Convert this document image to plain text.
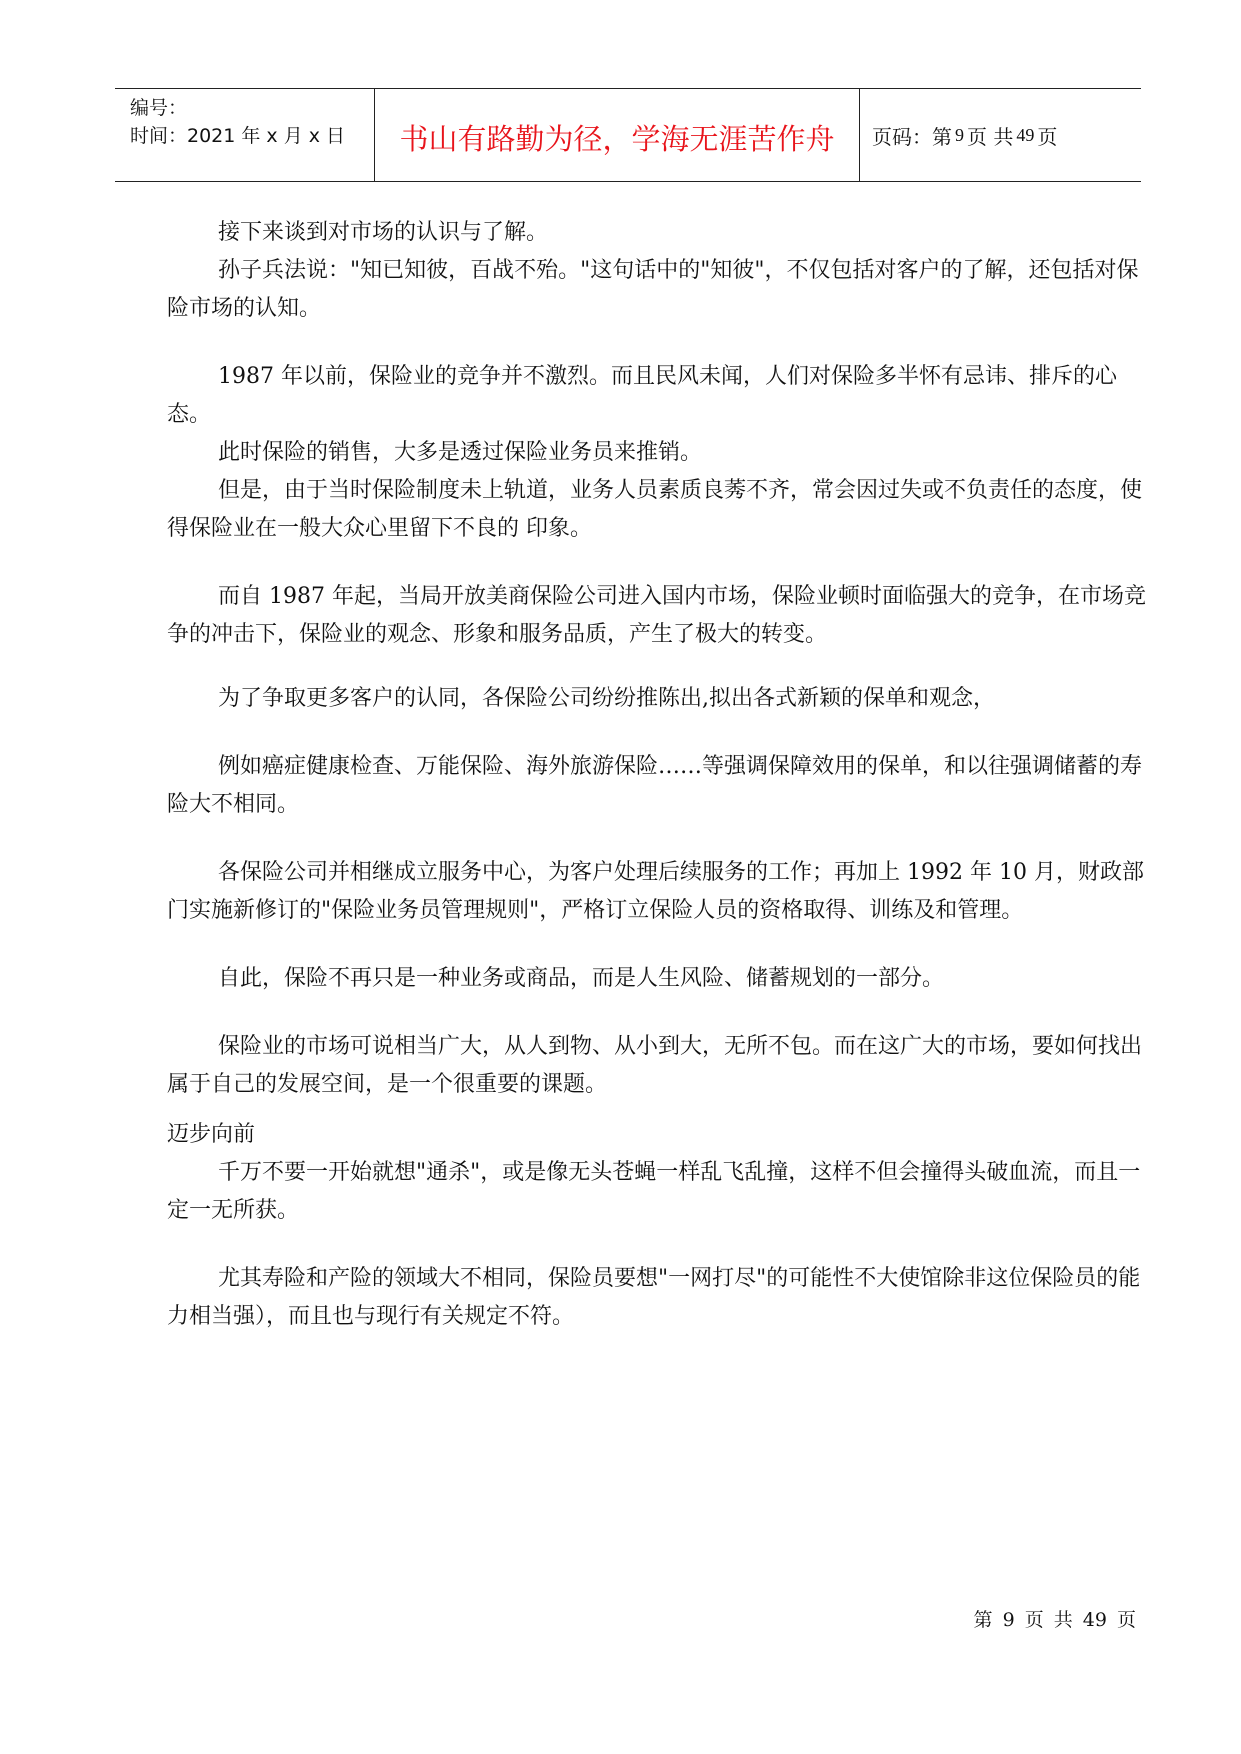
编号：
时间：2021 年 x 月 x 日	书山有路勤为径，学海无涯苦作舟	页码：第 9 页 共 49 页

接下来谈到对市场的认识与了解。

孙子兵法说："知已知彼，百战不殆。"这句话中的"知彼"，不仅包括对客户的了解，还包括对保险市场的认知。

1987 年以前，保险业的竞争并不激烈。而且民风未闻，人们对保险多半怀有忌讳、排斥的心态。

此时保险的销售，大多是透过保险业务员来推销。

但是，由于当时保险制度未上轨道，业务人员素质良莠不齐，常会因过失或不负责任的态度，使得保险业在一般大众心里留下不良的 印象。

而自 1987 年起，当局开放美商保险公司进入国内市场，保险业顿时面临强大的竞争，在市场竞争的冲击下，保险业的观念、形象和服务品质，产生了极大的转变。

为了争取更多客户的认同，各保险公司纷纷推陈出,拟出各式新颖的保单和观念，

例如癌症健康检查、万能保险、海外旅游保险……等强调保障效用的保单，和以往强调储蓄的寿险大不相同。

各保险公司并相继成立服务中心，为客户处理后续服务的工作；再加上 1992 年 10 月，财政部门实施新修订的"保险业务员管理规则"，严格订立保险人员的资格取得、训练及和管理。

自此，保险不再只是一种业务或商品，而是人生风险、储蓄规划的一部分。

保险业的市场可说相当广大，从人到物、从小到大，无所不包。而在这广大的市场，要如何找出属于自己的发展空间，是一个很重要的课题。

迈步向前

千万不要一开始就想"通杀"，或是像无头苍蝇一样乱飞乱撞，这样不但会撞得头破血流，而且一定一无所获。

尤其寿险和产险的领域大不相同，保险员要想"一网打尽"的可能性不大使馆除非这位保险员的能力相当强），而且也与现行有关规定不符。

第 9 页 共 49 页
